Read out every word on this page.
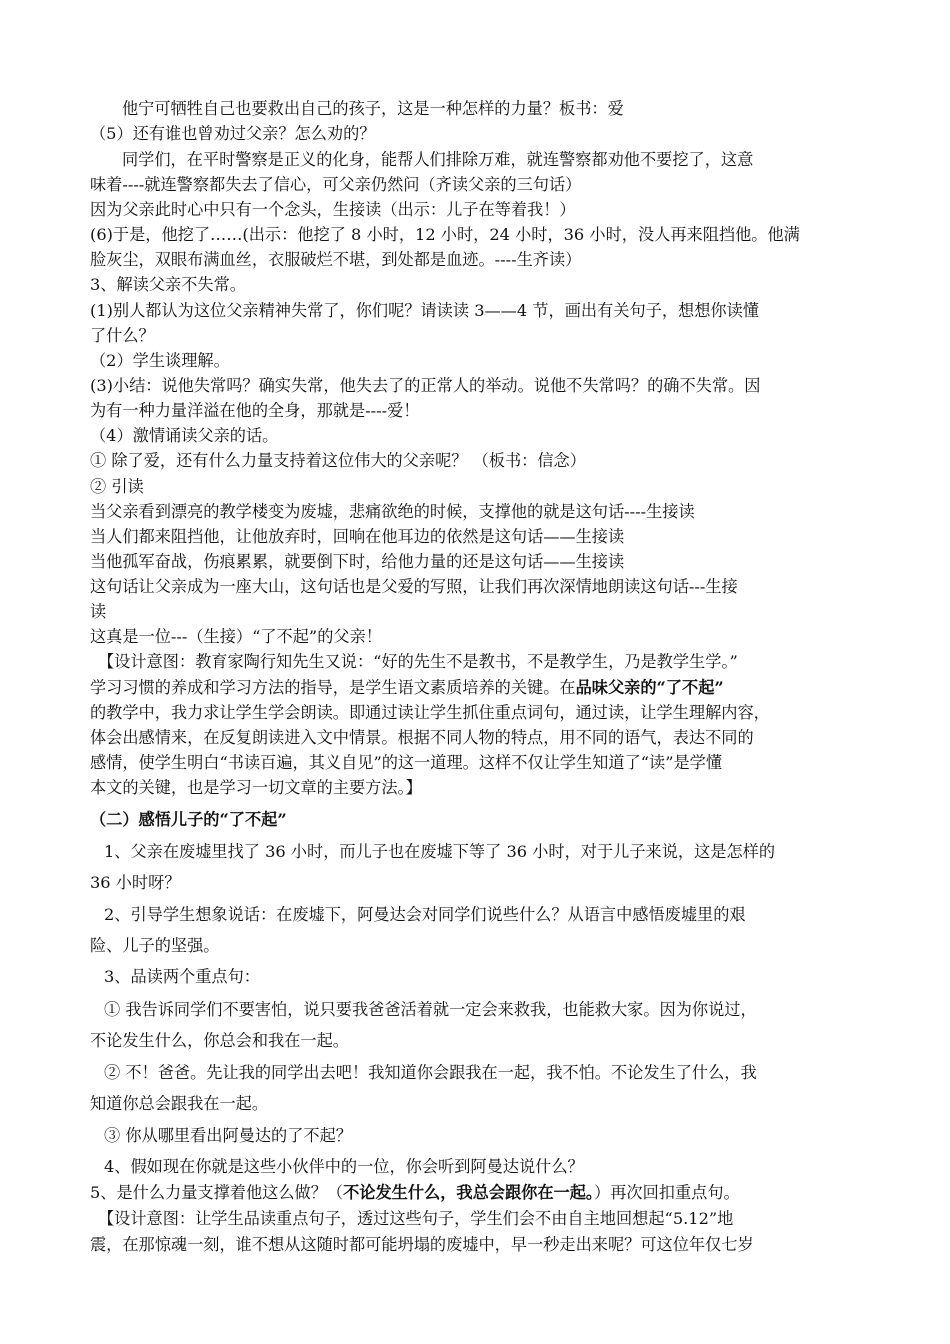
他宁可牺牲自己也要救出自己的孩子，这是一种怎样的力量？板书：爱
（5）还有谁也曾劝过父亲？怎么劝的？
同学们，在平时警察是正义的化身，能帮人们排除万难，就连警察都劝他不要挖了，这意
味着----就连警察都失去了信心，可父亲仍然问（齐读父亲的三句话）
因为父亲此时心中只有一个念头，生接读（出示：儿子在等着我！）
(6)于是，他挖了……(出示：他挖了 8 小时，12 小时，24 小时，36 小时，没人再来阻挡他。他满
脸灰尘，双眼布满血丝，衣服破烂不堪，到处都是血迹。----生齐读）
3、解读父亲不失常。
(1)别人都认为这位父亲精神失常了，你们呢？请读读 3——4 节，画出有关句子，想想你读懂
了什么？
（2）学生谈理解。
(3)小结：说他失常吗？确实失常，他失去了的正常人的举动。说他不失常吗？的确不失常。因
为有一种力量洋溢在他的全身，那就是----爱！
（4）激情诵读父亲的话。
① 除了爱，还有什么力量支持着这位伟大的父亲呢？ （板书：信念）
② 引读
当父亲看到漂亮的教学楼变为废墟，悲痛欲绝的时候，支撑他的就是这句话----生接读
当人们都来阻挡他，让他放弃时，回响在他耳边的依然是这句话——生接读
当他孤军奋战，伤痕累累，就要倒下时，给他力量的还是这句话——生接读
这句话让父亲成为一座大山，这句话也是父爱的写照，让我们再次深情地朗读这句话---生接
读
这真是一位---（生接）“了不起”的父亲！
【设计意图：教育家陶行知先生又说：“好的先生不是教书，不是教学生，乃是教学生学。”
学习习惯的养成和学习方法的指导，是学生语文素质培养的关键。在品味父亲的“了不起”
的教学中，我力求让学生学会朗读。即通过读让学生抓住重点词句，通过读，让学生理解内容，
体会出感情来，在反复朗读进入文中情景。根据不同人物的特点，用不同的语气，表达不同的
感情，使学生明白“书读百遍，其义自见”的这一道理。这样不仅让学生知道了“读”是学懂
本文的关键，也是学习一切文章的主要方法。】
（二）感悟儿子的“了不起”
1、父亲在废墟里找了 36 小时，而儿子也在废墟下等了 36 小时，对于儿子来说，这是怎样的
36 小时呀？
2、引导学生想象说话：在废墟下，阿曼达会对同学们说些什么？从语言中感悟废墟里的艰
险、儿子的坚强。
3、品读两个重点句：
① 我告诉同学们不要害怕，说只要我爸爸活着就一定会来救我，也能救大家。因为你说过，
不论发生什么，你总会和我在一起。
② 不！爸爸。先让我的同学出去吧！我知道你会跟我在一起，我不怕。不论发生了什么，我
知道你总会跟我在一起。
③ 你从哪里看出阿曼达的了不起？
4、假如现在你就是这些小伙伴中的一位，你会听到阿曼达说什么？
5、是什么力量支撑着他这么做？（不论发生什么，我总会跟你在一起。）再次回扣重点句。
【设计意图：让学生品读重点句子，透过这些句子，学生们会不由自主地回想起“5.12”地
震，在那惊魂一刻，谁不想从这随时都可能坍塌的废墟中，早一秒走出来呢？可这位年仅七岁
